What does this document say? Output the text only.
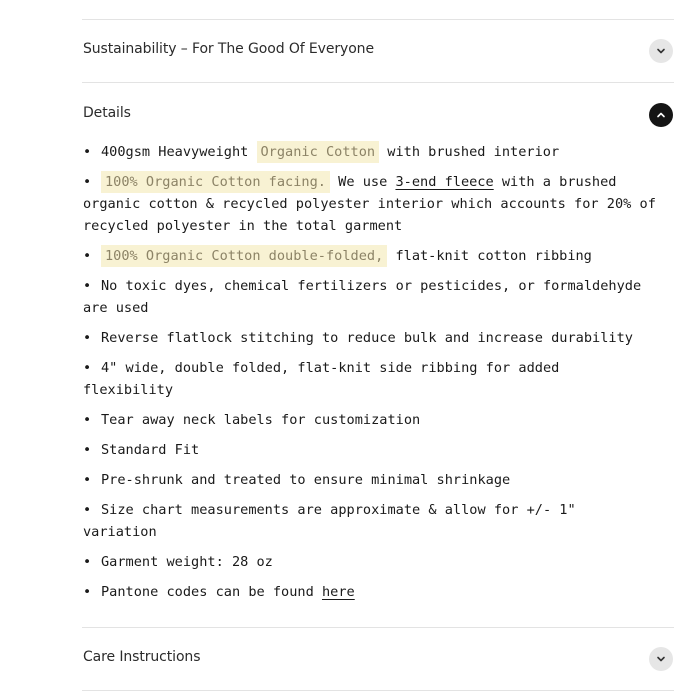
Sustainability – For The Good Of Everyone
Details
• 400gsm Heavyweight Organic Cotton with brushed interior
• 100% Organic Cotton facing. We use 3-end fleece with a brushed organic cotton & recycled polyester interior which accounts for 20% of recycled polyester in the total garment
• 100% Organic Cotton double-folded, flat-knit cotton ribbing
• No toxic dyes, chemical fertilizers or pesticides, or formaldehyde are used
• Reverse flatlock stitching to reduce bulk and increase durability
• 4" wide, double folded, flat-knit side ribbing for added flexibility
• Tear away neck labels for customization
• Standard Fit
• Pre-shrunk and treated to ensure minimal shrinkage
• Size chart measurements are approximate & allow for +/- 1" variation
• Garment weight: 28 oz
• Pantone codes can be found here
Care Instructions
